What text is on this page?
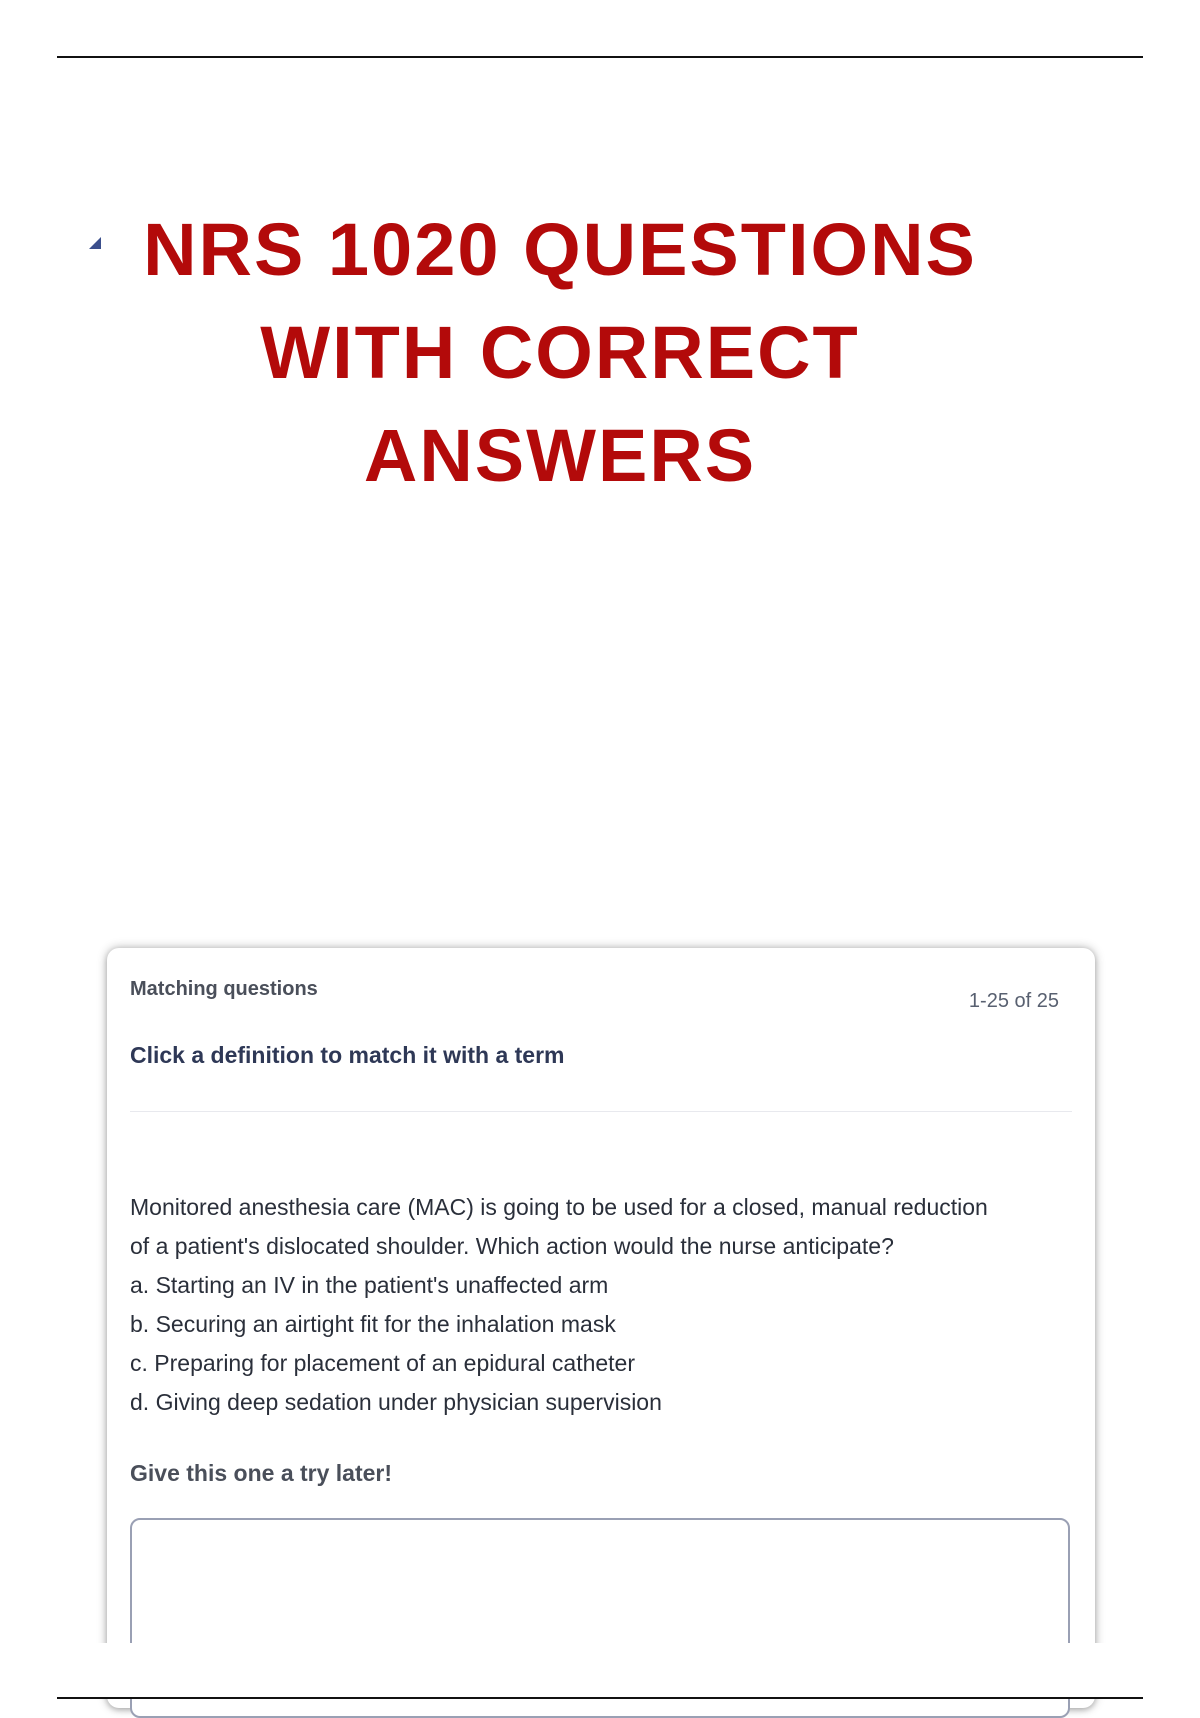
NRS 1020 QUESTIONS
WITH CORRECT
ANSWERS
Matching questions
1-25 of 25
Click a definition to match it with a term
Monitored anesthesia care (MAC) is going to be used for a closed, manual reduction
of a patient's dislocated shoulder. Which action would the nurse anticipate?
a. Starting an IV in the patient's unaffected arm
b. Securing an airtight fit for the inhalation mask
c. Preparing for placement of an epidural catheter
d. Giving deep sedation under physician supervision
Give this one a try later!
